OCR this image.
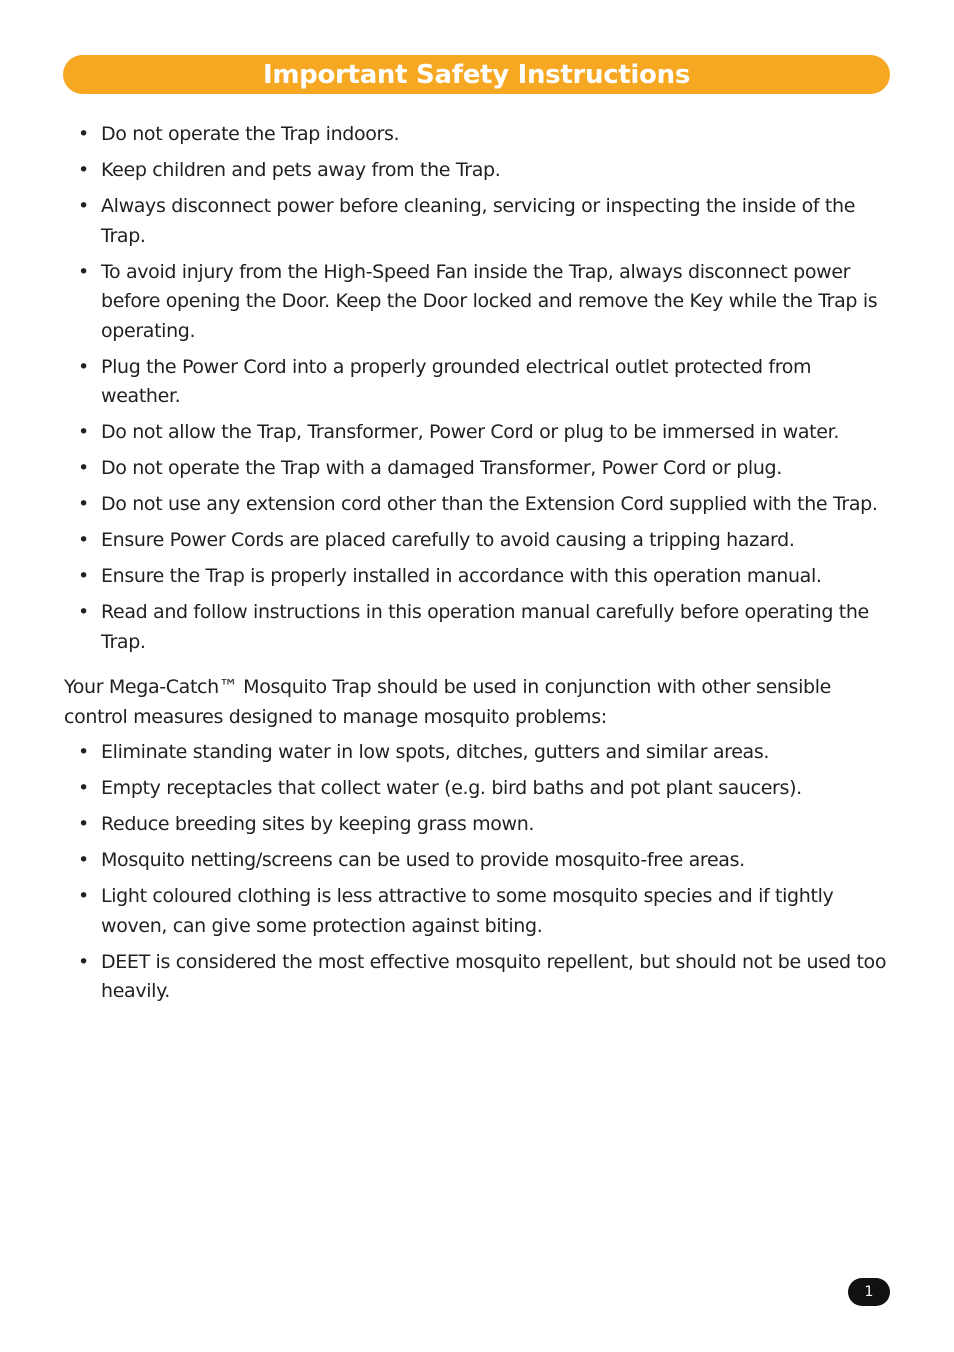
Important Safety Instructions
• Do not operate the Trap indoors.
• Keep children and pets away from the Trap.
• Always disconnect power before cleaning, servicing or inspecting the inside of the Trap.
• To avoid injury from the High-Speed Fan inside the Trap, always disconnect power before opening the Door. Keep the Door locked and remove the Key while the Trap is operating.
• Plug the Power Cord into a properly grounded electrical outlet protected from weather.
• Do not allow the Trap, Transformer, Power Cord or plug to be immersed in water.
• Do not operate the Trap with a damaged Transformer, Power Cord or plug.
• Do not use any extension cord other than the Extension Cord supplied with the Trap.
• Ensure Power Cords are placed carefully to avoid causing a tripping hazard.
• Ensure the Trap is properly installed in accordance with this operation manual.
• Read and follow instructions in this operation manual carefully before operating the Trap.

Your Mega-Catch™ Mosquito Trap should be used in conjunction with other sensible control measures designed to manage mosquito problems:

• Eliminate standing water in low spots, ditches, gutters and similar areas.
• Empty receptacles that collect water (e.g. bird baths and pot plant saucers).
• Reduce breeding sites by keeping grass mown.
• Mosquito netting/screens can be used to provide mosquito-free areas.
• Light coloured clothing is less attractive to some mosquito species and if tightly woven, can give some protection against biting.
• DEET is considered the most effective mosquito repellent, but should not be used too heavily.
1
